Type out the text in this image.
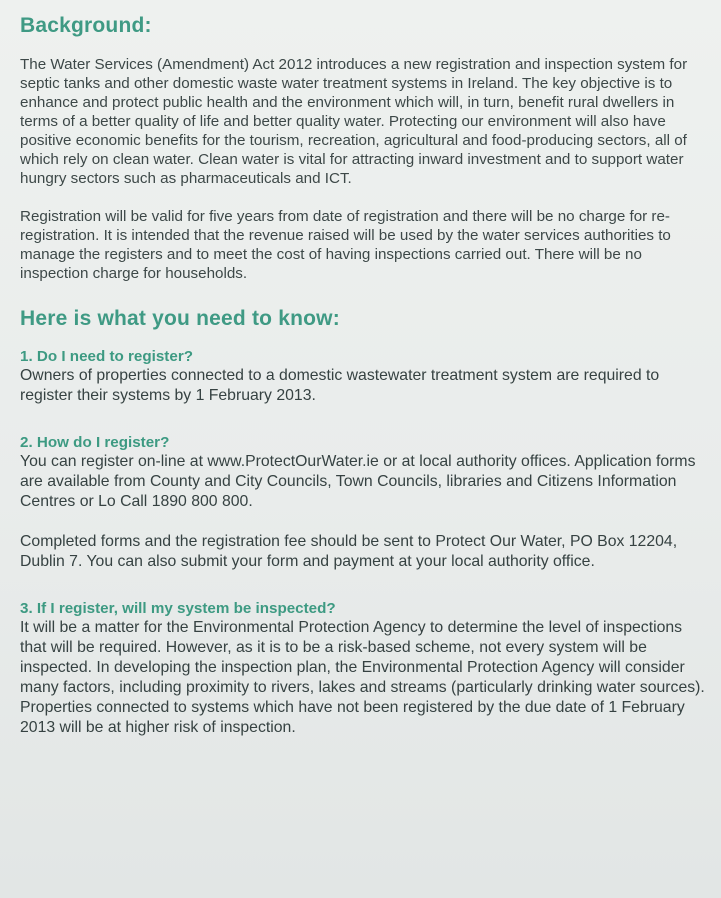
Background:

The Water Services (Amendment) Act 2012 introduces a new registration and inspection system for septic tanks and other domestic waste water treatment systems in Ireland. The key objective is to enhance and protect public health and the environment which will, in turn, benefit rural dwellers in terms of a better quality of life and better quality water. Protecting our environment will also have positive economic benefits for the tourism, recreation, agricultural and food-producing sectors, all of which rely on clean water. Clean water is vital for attracting inward investment and to support water hungry sectors such as pharmaceuticals and ICT.

Registration will be valid for five years from date of registration and there will be no charge for re-registration. It is intended that the revenue raised will be used by the water services authorities to manage the registers and to meet the cost of having inspections carried out. There will be no inspection charge for households.

Here is what you need to know:
1. Do I need to register?

Owners of properties connected to a domestic wastewater treatment system are required to register their systems by 1 February 2013.

2. How do I register?

You can register on-line at www.ProtectOurWater.ie or at local authority offices. Application forms are available from County and City Councils, Town Councils, libraries and Citizens Information Centres or Lo Call 1890 800 800.

Completed forms and the registration fee should be sent to Protect Our Water, PO Box 12204, Dublin 7. You can also submit your form and payment at your local authority office.

3. If I register, will my system be inspected?

It will be a matter for the Environmental Protection Agency to determine the level of inspections that will be required. However, as it is to be a risk-based scheme, not every system will be inspected. In developing the inspection plan, the Environmental Protection Agency will consider many factors, including proximity to rivers, lakes and streams (particularly drinking water sources). Properties connected to systems which have not been registered by the due date of 1 February 2013 will be at higher risk of inspection.
